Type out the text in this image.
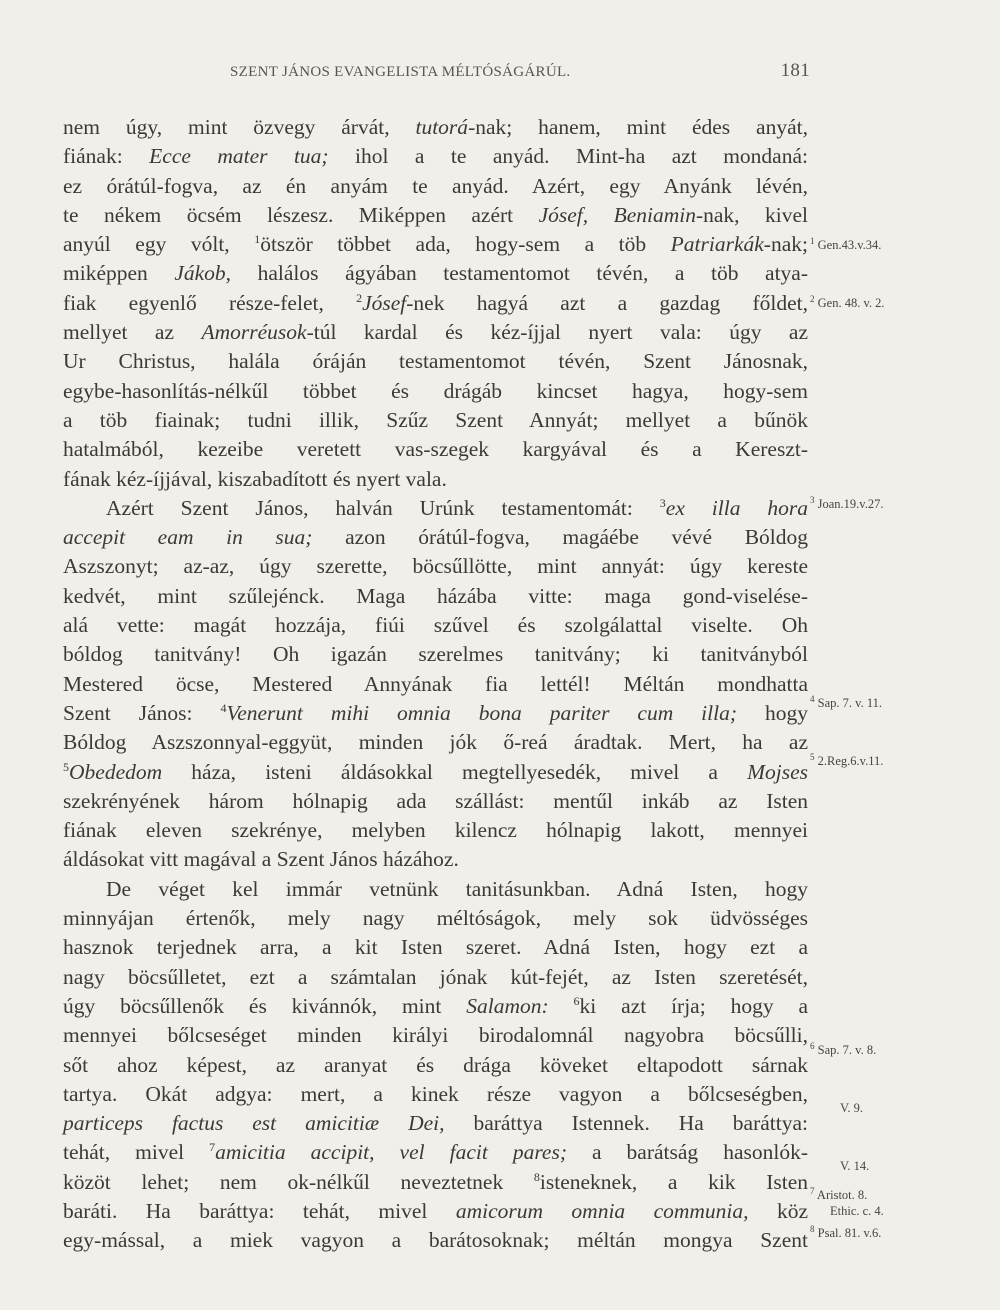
SZENT JÁNOS EVANGELISTA MÉLTÓSÁGÁRÚL.	181
nem úgy, mint özvegy árvát, tutorá-nak; hanem, mint édes anyát,
fiának: Ecce mater tua; ihol a te anyád. Mint-ha azt mondaná:
ez órátúl-fogva, az én anyám te anyád. Azért, egy Anyánk lévén,
te nékem öcsém lészesz. Miképpen azért Jósef, Beniamin-nak, kivel
anyúl egy vólt, $^1$ötször többet ada, hogy-sem a töb Patriarkák-nak;
miképpen Jákob, halálos ágyában testamentomot tévén, a töb atya-
fiak egyenlő része-felet, $^2$Jósef-nek hagyá azt a gazdag főldet,
mellyet az Amorréusok-túl kardal és kéz-íjjal nyert vala: úgy az
Ur Christus, halála óráján testamentomot tévén, Szent Jánosnak,
egybe-hasonlítás-nélkűl többet és drágáb kincset hagya, hogy-sem
a töb fiainak; tudni illik, Szűz Szent Annyát; mellyet a bűnök
hatalmából, kezeibe veretett vas-szegek kargyával és a Kereszt-
fának kéz-íjjával, kiszabadított és nyert vala.
  Azért Szent János, halván Urúnk testamentomát: $^3$ex illa hora
accepit eam in sua; azon órátúl-fogva, magáébe vévé Bóldog
Aszszonyt; az-az, úgy szerette, böcsűllötte, mint annyát: úgy kereste
kedvét, mint szűlejénck. Maga házába vitte: maga gond-viselése-
alá vette: magát hozzája, fiúi szűvel és szolgálattal viselte. Oh
bóldog tanitvány! Oh igazán szerelmes tanitvány; ki tanitványból
Mestered öcse, Mestered Annyának fia lettél! Méltán mondhatta
Szent János: $^4$Venerunt mihi omnia bona pariter cum illa; hogy
Bóldog Aszszonnyal-eggyüt, minden jók ő-reá áradtak. Mert, ha az
$^5$Obededom háza, isteni áldásokkal megtellyesedék, mivel a Mojses
szekrényének három hólnapig ada szállást: mentűl inkáb az Isten
fiának eleven szekrénye, melyben kilencz hólnapig lakott, mennyei
áldásokat vitt magával a Szent János házához.
  De véget kel immár vetnünk tanitásunkban. Adná Isten, hogy
minnyájan értenők, mely nagy méltóságok, mely sok üdvösséges
hasznok terjednek arra, a kit Isten szeret. Adná Isten, hogy ezt a
nagy böcsűlletet, ezt a számtalan jónak kút-fejét, az Isten szeretését,
úgy böcsűllenők és kivánnók, mint Salamon: $^6$ki azt írja; hogy a
mennyei bőlcseséget minden királyi birodalomnál nagyobra böcsűlli,
sőt ahoz képest, az aranyat és drága köveket eltapodott sárnak
tartya. Okát adgya: mert, a kinek része vagyon a bőlcseségben,
particeps factus est amicitiæ Dei, baráttya Istennek. Ha baráttya:
tehát, mivel $^7$amicitia accipit, vel facit pares; a barátság hasonlók-
közöt lehet; nem ok-nélkűl neveztetnek $^8$isteneknek, a kik Isten
baráti. Ha baráttya: tehát, mivel amicorum omnia communia, köz
egy-mással, a miek vagyon a barátosoknak; méltán mongya Szent
$^1$ Gen.43.v.34.
$^2$ Gen. 48. v. 2.
$^3$ Joan.19.v.27.
$^4$ Sap. 7. v. 11.
$^5$ 2.Reg.6.v.11.
$^6$ Sap. 7. v. 8.
V. 9.
V. 14.
$^7$ Aristot. 8.
Ethic. c. 4.
$^8$ Psal. 81. v.6.
